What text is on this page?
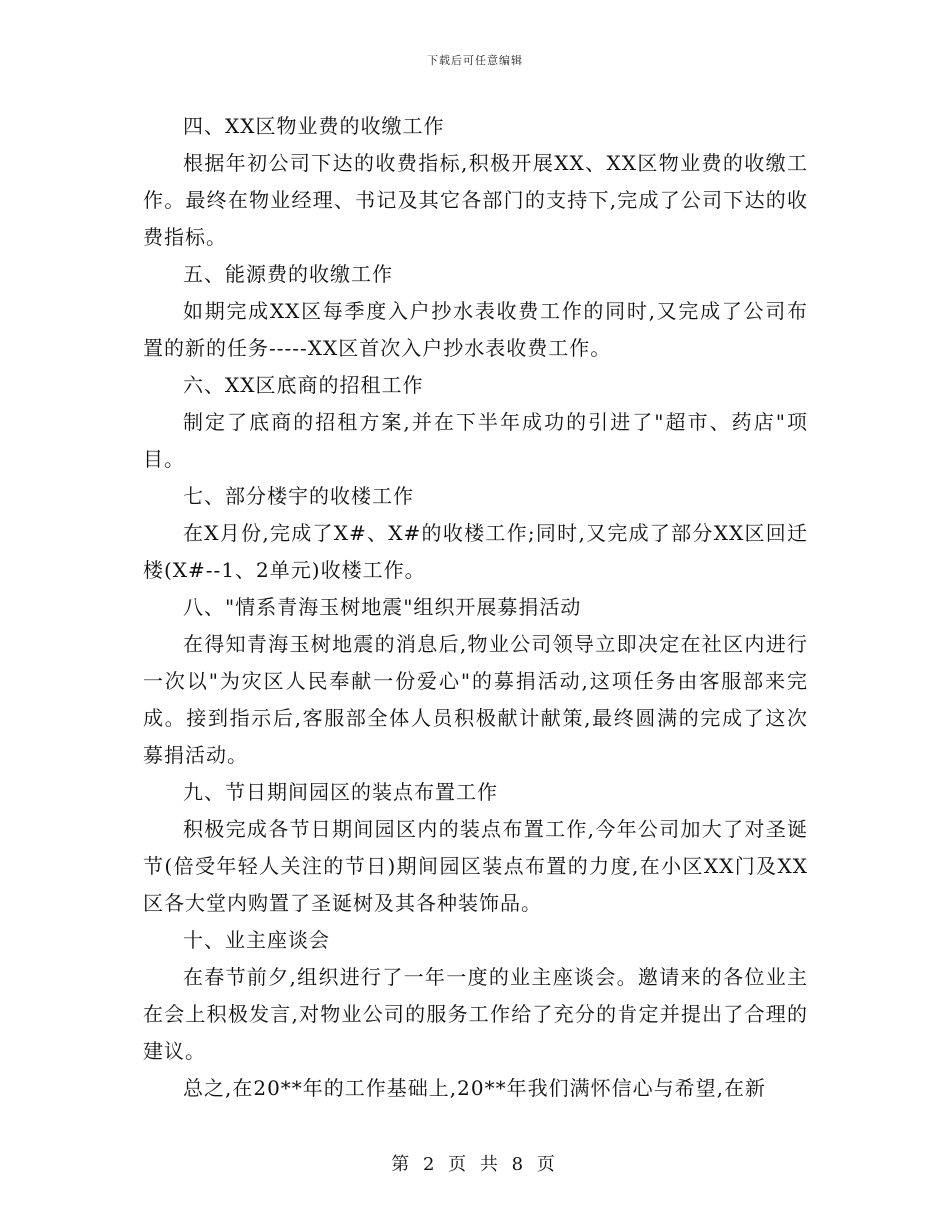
下载后可任意编辑

四、XX区物业费的收缴工作

根据年初公司下达的收费指标,积极开展XX、XX区物业费的收缴工作。最终在物业经理、书记及其它各部门的支持下,完成了公司下达的收费指标。

五、能源费的收缴工作

如期完成XX区每季度入户抄水表收费工作的同时,又完成了公司布置的新的任务-----XX区首次入户抄水表收费工作。

六、XX区底商的招租工作

制定了底商的招租方案,并在下半年成功的引进了"超市、药店"项目。

七、部分楼宇的收楼工作

在X月份,完成了X#、X#的收楼工作;同时,又完成了部分XX区回迁楼(X#--1、2单元)收楼工作。

八、"情系青海玉树地震"组织开展募捐活动

在得知青海玉树地震的消息后,物业公司领导立即决定在社区内进行一次以"为灾区人民奉献一份爱心"的募捐活动,这项任务由客服部来完成。接到指示后,客服部全体人员积极献计献策,最终圆满的完成了这次募捐活动。

九、节日期间园区的装点布置工作

积极完成各节日期间园区内的装点布置工作,今年公司加大了对圣诞节(倍受年轻人关注的节日)期间园区装点布置的力度,在小区XX门及XX区各大堂内购置了圣诞树及其各种装饰品。

十、业主座谈会

在春节前夕,组织进行了一年一度的业主座谈会。邀请来的各位业主在会上积极发言,对物业公司的服务工作给了充分的肯定并提出了合理的建议。

总之,在20**年的工作基础上,20**年我们满怀信心与希望,在新

第 2 页 共 8 页
